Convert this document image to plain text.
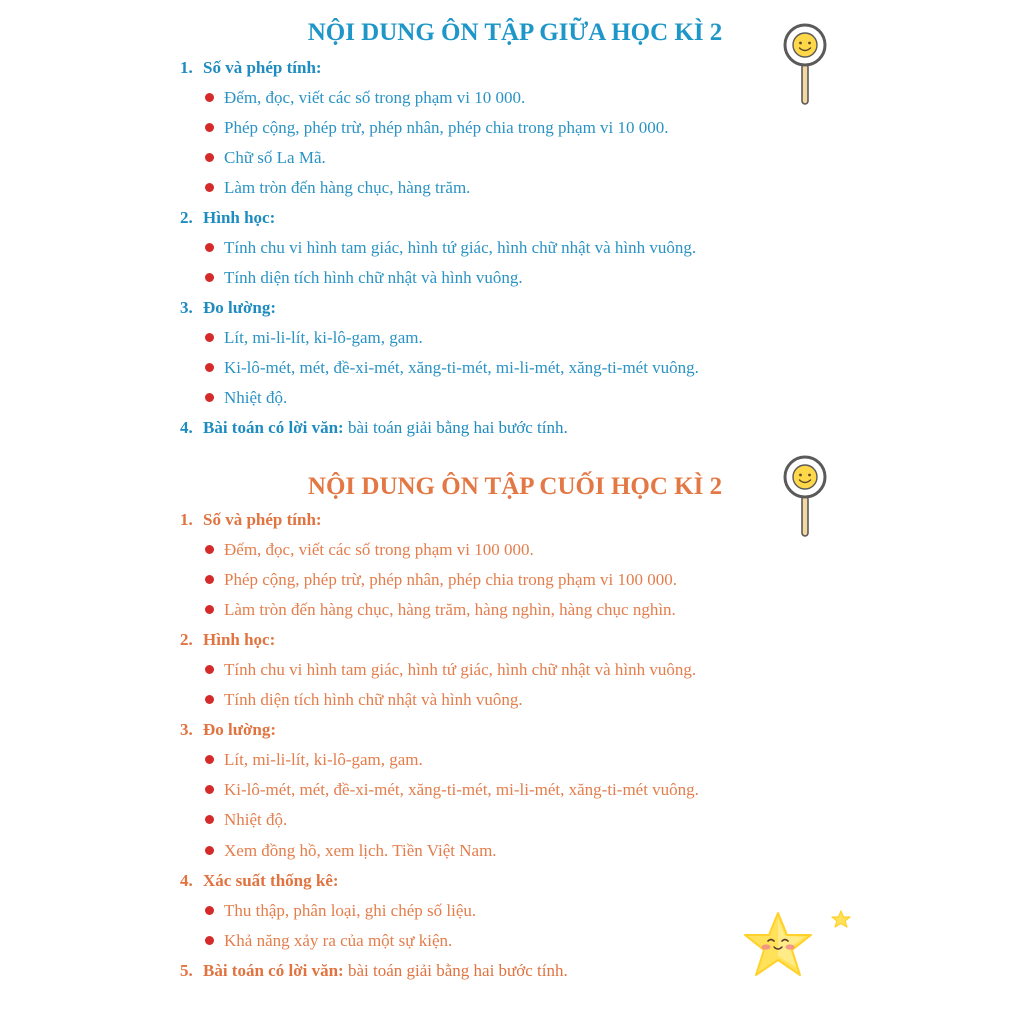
NỘI DUNG ÔN TẬP GIỮA HỌC KÌ 2
1. Số và phép tính:
Đếm, đọc, viết các số trong phạm vi 10 000.
Phép cộng, phép trừ, phép nhân, phép chia trong phạm vi 10 000.
Chữ số La Mã.
Làm tròn đến hàng chục, hàng trăm.
2. Hình học:
Tính chu vi hình tam giác, hình tứ giác, hình chữ nhật và hình vuông.
Tính diện tích hình chữ nhật và hình vuông.
3. Đo lường:
Lít, mi-li-lít, ki-lô-gam, gam.
Ki-lô-mét, mét, đề-xi-mét, xăng-ti-mét, mi-li-mét, xăng-ti-mét vuông.
Nhiệt độ.
4. Bài toán có lời văn: bài toán giải bằng hai bước tính.
NỘI DUNG ÔN TẬP CUỐI HỌC KÌ 2
1. Số và phép tính:
Đếm, đọc, viết các số trong phạm vi 100 000.
Phép cộng, phép trừ, phép nhân, phép chia trong phạm vi 100 000.
Làm tròn đến hàng chục, hàng trăm, hàng nghìn, hàng chục nghìn.
2. Hình học:
Tính chu vi hình tam giác, hình tứ giác, hình chữ nhật và hình vuông.
Tính diện tích hình chữ nhật và hình vuông.
3. Đo lường:
Lít, mi-li-lít, ki-lô-gam, gam.
Ki-lô-mét, mét, đề-xi-mét, xăng-ti-mét, mi-li-mét, xăng-ti-mét vuông.
Nhiệt độ.
Xem đồng hồ, xem lịch. Tiền Việt Nam.
4. Xác suất thống kê:
Thu thập, phân loại, ghi chép số liệu.
Khả năng xảy ra của một sự kiện.
5. Bài toán có lời văn: bài toán giải bằng hai bước tính.
